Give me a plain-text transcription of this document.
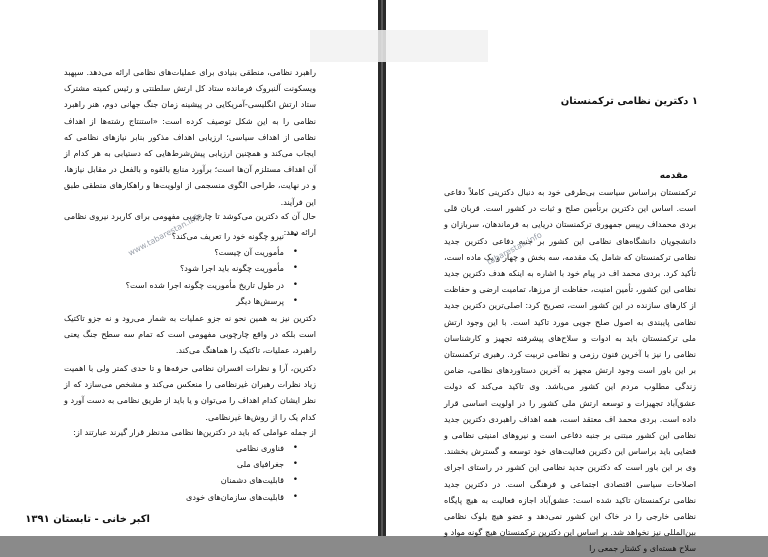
راهبرد نظامی، منطقی بنیادی برای عملیات‌های نظامی ارائه می‌دهد. سپهبد ویسکونت آلنبروک فرمانده ستاد کل ارتش سلطنتی و رئیس کمیته مشترک ستاد ارتش انگلیسی-آمریکایی در پیشینه زمان جنگ جهانی دوم، هنر راهبرد نظامی را به این شکل توصیف کرده است: «استنتاج رشته‌ها از اهداف نظامی از اهداف سیاسی؛ ارزیابی اهداف مذکور بنابر نیازهای نظامی که ایجاب می‌کند و همچنین ارزیابی پیش‌شرط‌هایی که دستیابی به هر کدام از آن اهداف مستلزم آن‌ها است؛ برآورد منابع بالقوه و بالفعل در مقابل نیازها، و در نهایت، طراحی الگوی منسجمی از اولویت‌ها و راهکارهای منطقی طبق این فرآیند.

حال آن که دکترین می‌کوشد تا چارچوبی مفهومی برای کاربرد نیروی نظامی ارائه دهد:

• نیرو چگونه خود را تعریف می‌کند؟
• مأموریت آن چیست؟
• مأموریت چگونه باید اجرا شود؟
• در طول تاریخ مأموریت چگونه اجرا شده است؟
• پرسش‌ها دیگر

دکترین نیز به همین نحو نه جزو عملیات به شمار می‌رود و نه جزو تاکتیک است بلکه در واقع چارچوبی مفهومی است که تمام سه سطح جنگ یعنی راهبرد، عملیات، تاکتیک را هماهنگ می‌کند.

دکترین، آرا و نظرات افسران نظامی حرفه‌ها و تا حدی کمتر ولی با اهمیت زیاد نظرات رهبران غیرنظامی را منعکس می‌کند و مشخص می‌سازد که از نظر ایشان کدام اهداف را می‌توان و یا باید از طریق نظامی به دست آورد و کدام یک را از روش‌ها غیرنظامی.

از جمله عواملی که باید در دکترین‌ها نظامی مدنظر قرار گیرند عبارتند از:

• فناوری نظامی
• جغرافیای ملی
• قابلیت‌های دشمنان
• قابلیت‌های سازمان‌های خودی
اکبر خانی - تابستان ۱۳۹۱
www.tabarestan.info
۱ دکترین نظامی ترکمنستان
مقدمه

ترکمنستان براساس سیاست بی‌طرفی خود به دنبال دکترینی کاملاً دفاعی است. اساس این دکترین برتأمین صلح و ثبات در کشور است. قربان قلی بردی محمداف رییس جمهوری ترکمنستان دریایی به فرماندهان، سربازان و دانشجویان دانشگاه‌های نظامی این کشور بر جنبه دفاعی دکترین جدید نظامی ترکمنستان که شامل یک مقدمه، سه بخش و چهار و یک ماده است، تأکید کرد. بردی محمد اف در پیام خود با اشاره به اینکه هدف دکترین جدید نظامی این کشور، تأمین امنیت، حفاظت از مرزها، تمامیت ارضی و حفاظت از کارهای سازنده در این کشور است، تصریح کرد: اصلی‌ترین دکترین جدید نظامی پایبندی به اصول صلح جویی مورد تاکید است. با این وجود ارتش ملی ترکمنستان باید به ادوات و سلاح‌های پیشرفته تجهیز و کارشناسان نظامی را نیز با آخرین فنون رزمی و نظامی تربیت کرد. رهبری ترکمنستان بر این باور است وجود ارتش مجهز به آخرین دستاوردهای نظامی، ضامن زندگی مطلوب مردم این کشور می‌باشد. وی تاکید می‌کند که دولت عشق‌آباد تجهیزات و توسعه ارتش ملی کشور را در اولویت اساسی قرار داده است. بردی محمد اف معتقد است، همه اهداف راهبردی دکترین جدید نظامی این کشور مبتنی بر جنبه دفاعی است و نیروهای امنیتی نظامی و قضایی باید براساس این دکترین فعالیت‌های خود توسعه و گسترش بخشند. وی بر این باور است که دکترین جدید نظامی این کشور در راستای اجرای اصلاحات سیاسی اقتصادی اجتماعی و فرهنگی است. در دکترین جدید نظامی ترکمنستان تاکید شده است: عشق‌آباد اجازه فعالیت به هیچ پایگاه نظامی خارجی را در خاک این کشور نمی‌دهد و عضو هیچ بلوک نظامی بین‌المللی نیز نخواهد شد. بر اساس این دکترین ترکمنستان هیچ گونه مواد و سلاح هسته‌ای و کشتار جمعی را

tabarestan.info
